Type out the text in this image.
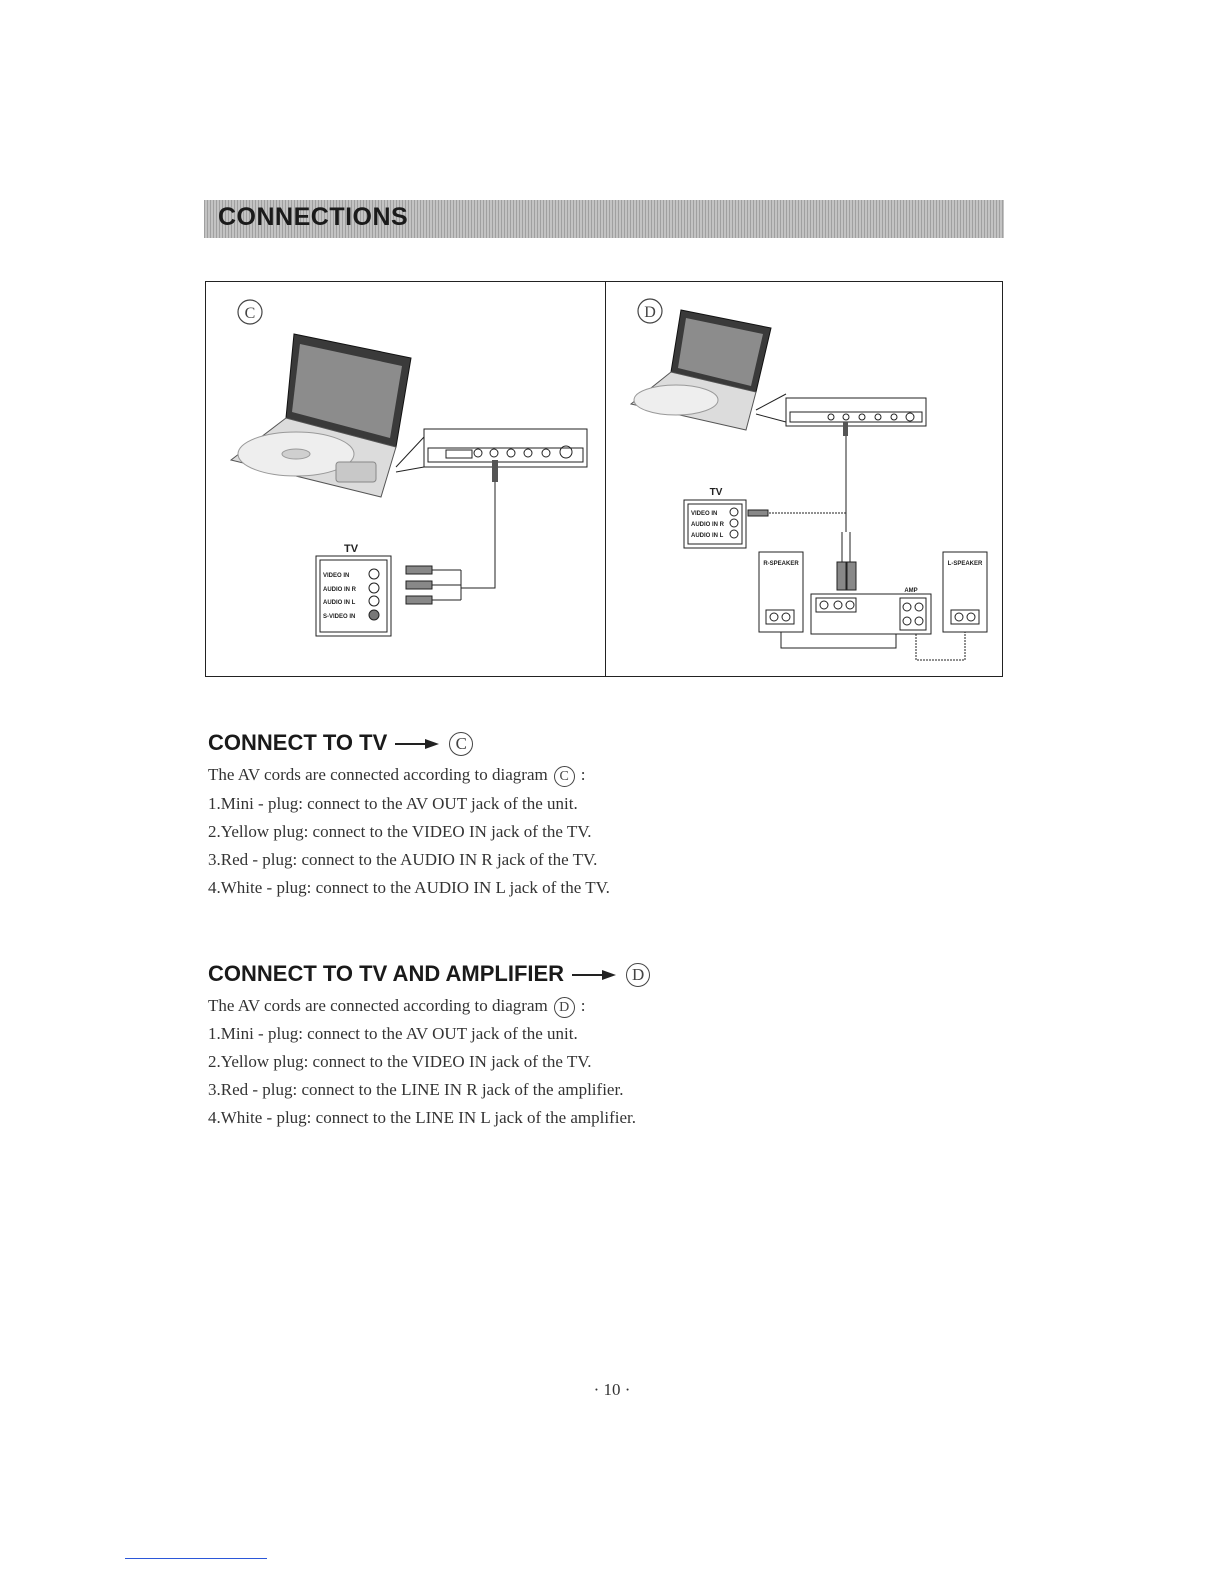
CONNECTIONS
C
TV
VIDEO IN
AUDIO IN R
AUDIO IN L
S-VIDEO IN
D
TV
VIDEO IN
AUDIO IN R
AUDIO IN L
R-SPEAKER
AMP
L-SPEAKER
CONNECT TO TV	C
The AV cords are connected according to diagram C :
1.Mini - plug: connect to the AV OUT jack of the unit.
2.Yellow plug: connect to the VIDEO IN jack of the TV.
3.Red - plug: connect to the AUDIO IN R jack of the TV.
4.White - plug: connect to the AUDIO IN L jack of the TV.
CONNECT TO TV AND AMPLIFIER	D
The AV cords are connected according to diagram D :
1.Mini - plug: connect to the AV OUT jack of the unit.
2.Yellow plug: connect to the VIDEO IN jack of the TV.
3.Red - plug: connect to the LINE IN R jack of the amplifier.
4.White - plug: connect to the LINE IN L jack of the amplifier.
· 10 ·
